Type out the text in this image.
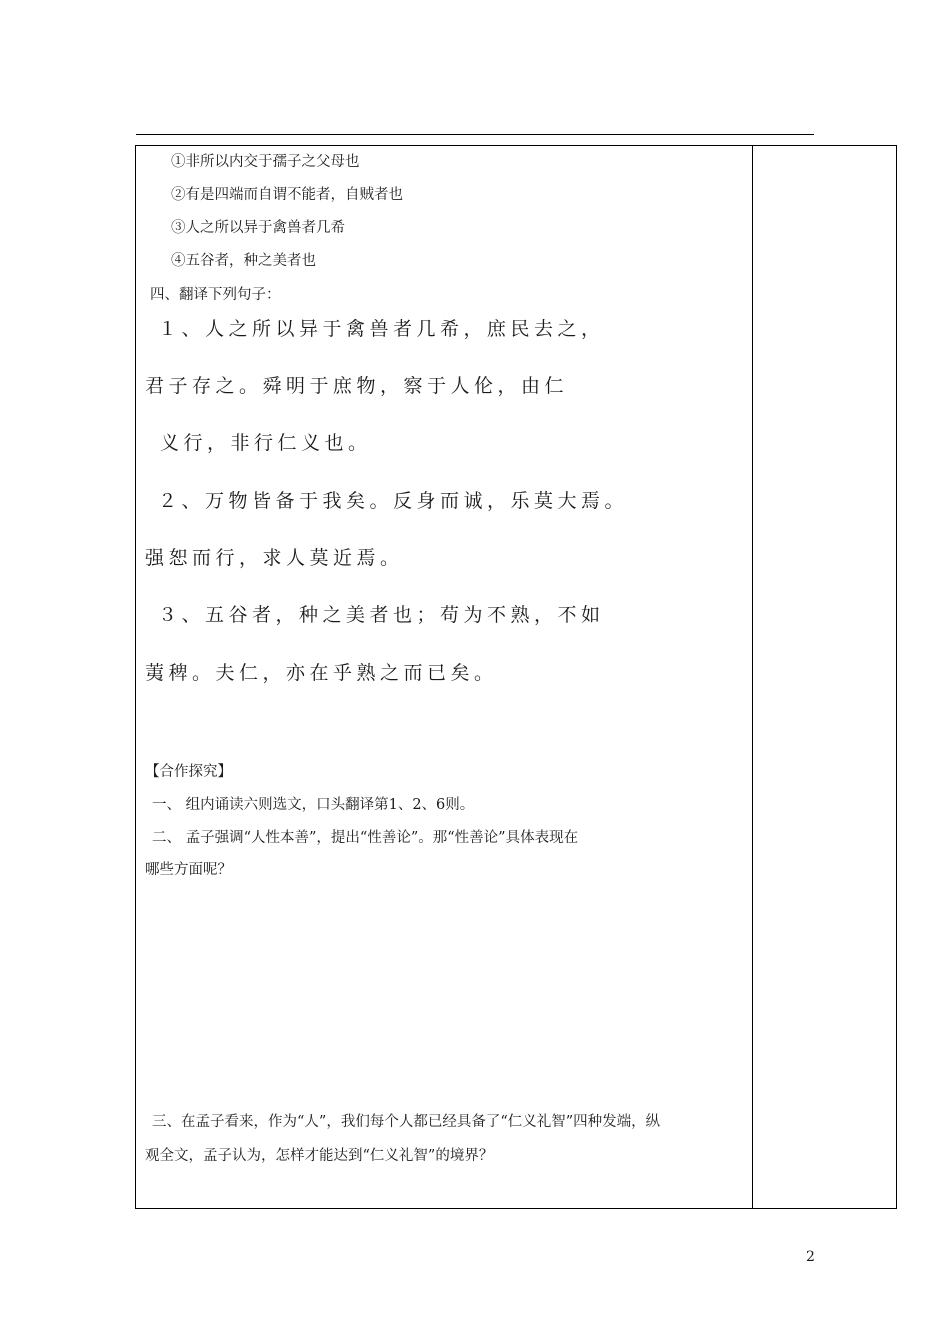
①非所以内交于孺子之父母也
②有是四端而自谓不能者，自贼者也
③人之所以异于禽兽者几希
④五谷者，种之美者也
四、翻译下列句子：
１、人之所以异于禽兽者几希，庶民去之，
君子存之。舜明于庶物，察于人伦，由仁
义行，非行仁义也。
２、万物皆备于我矣。反身而诚，乐莫大焉。
强恕而行，求人莫近焉。
３、五谷者，种之美者也；苟为不熟，不如
荑稗。夫仁，亦在乎熟之而已矣。
【合作探究】
一、 组内诵读六则选文，口头翻译第1、2、6则。
二、 孟子强调“人性本善”，提出“性善论”。那“性善论”具体表现在
哪些方面呢？
三、在孟子看来，作为“人”，我们每个人都已经具备了“仁义礼智”四种发端，纵
观全文，孟子认为，怎样才能达到“仁义礼智”的境界？
2
